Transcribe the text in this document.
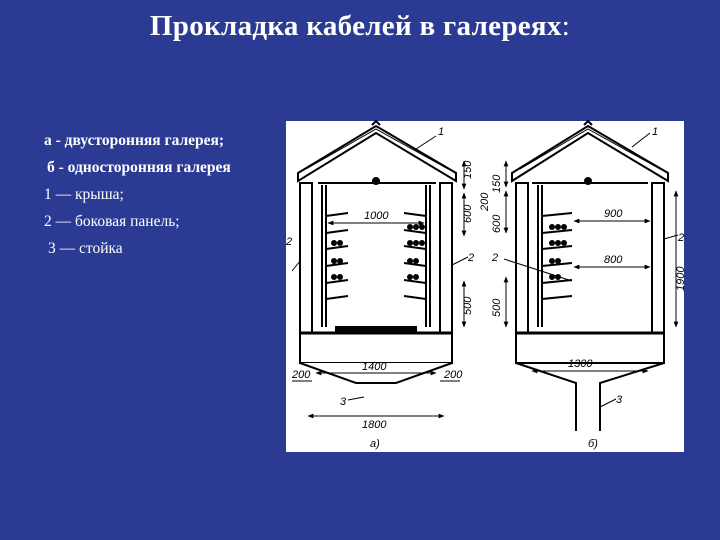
Прокладка кабелей в галереях:
а - двусторонняя галерея;
б - односторонняя галерея
1 — крыша;
2 — боковая панель;
3 — стойка
1000
150
600
500
1400
200	200
1800
1
2
2
3
а)
150
200
600
500
900
800
1900
1300
1
2
2
3
б)
